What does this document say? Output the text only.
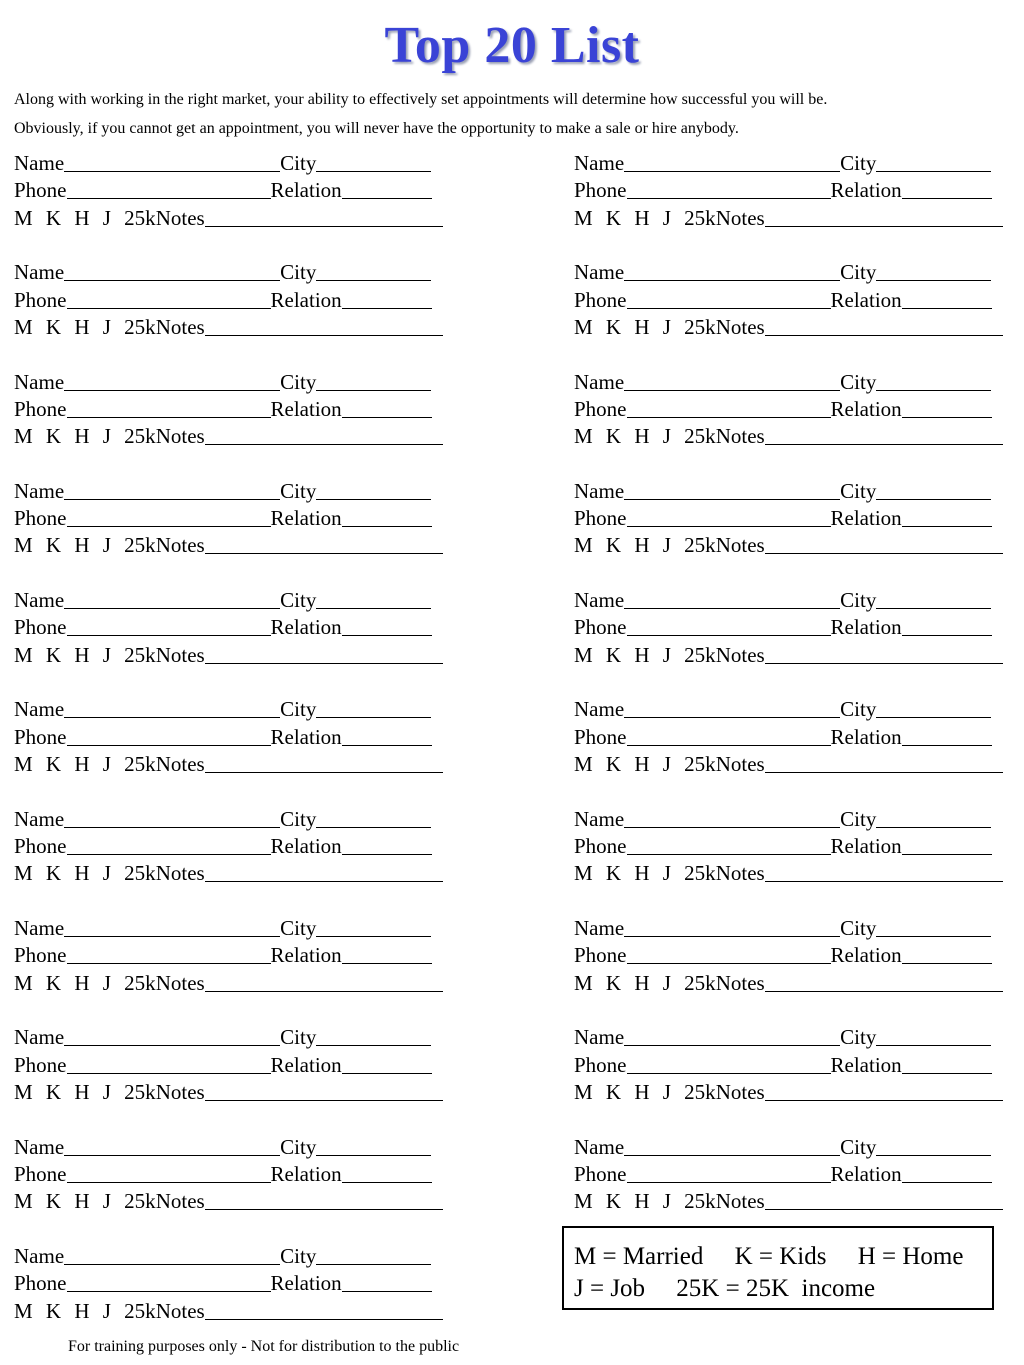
Top 20 List
Along with working in the right market, your ability to effectively set appointments will determine how successful you will be.
Obviously, if you cannot get an appointment, you will never have the opportunity to make a sale or hire anybody.
Name	City
Phone	Relation
M K H J 25k Notes
Name	City
Phone	Relation
M K H J 25k Notes
Name	City
Phone	Relation
M K H J 25k Notes
Name	City
Phone	Relation
M K H J 25k Notes
Name	City
Phone	Relation
M K H J 25k Notes
Name	City
Phone	Relation
M K H J 25k Notes
Name	City
Phone	Relation
M K H J 25k Notes
Name	City
Phone	Relation
M K H J 25k Notes
Name	City
Phone	Relation
M K H J 25k Notes
Name	City
Phone	Relation
M K H J 25k Notes
Name	City
Phone	Relation
M K H J 25k Notes
Name	City
Phone	Relation
M K H J 25k Notes
Name	City
Phone	Relation
M K H J 25k Notes
Name	City
Phone	Relation
M K H J 25k Notes
Name	City
Phone	Relation
M K H J 25k Notes
Name	City
Phone	Relation
M K H J 25k Notes
Name	City
Phone	Relation
M K H J 25k Notes
Name	City
Phone	Relation
M K H J 25k Notes
Name	City
Phone	Relation
M K H J 25k Notes
Name	City
Phone	Relation
M K H J 25k Notes
Name	City
Phone	Relation
M K H J 25k Notes
M = Married     K = Kids     H = Home
J = Job     25K = 25K  income
For training purposes only - Not for distribution to the public
